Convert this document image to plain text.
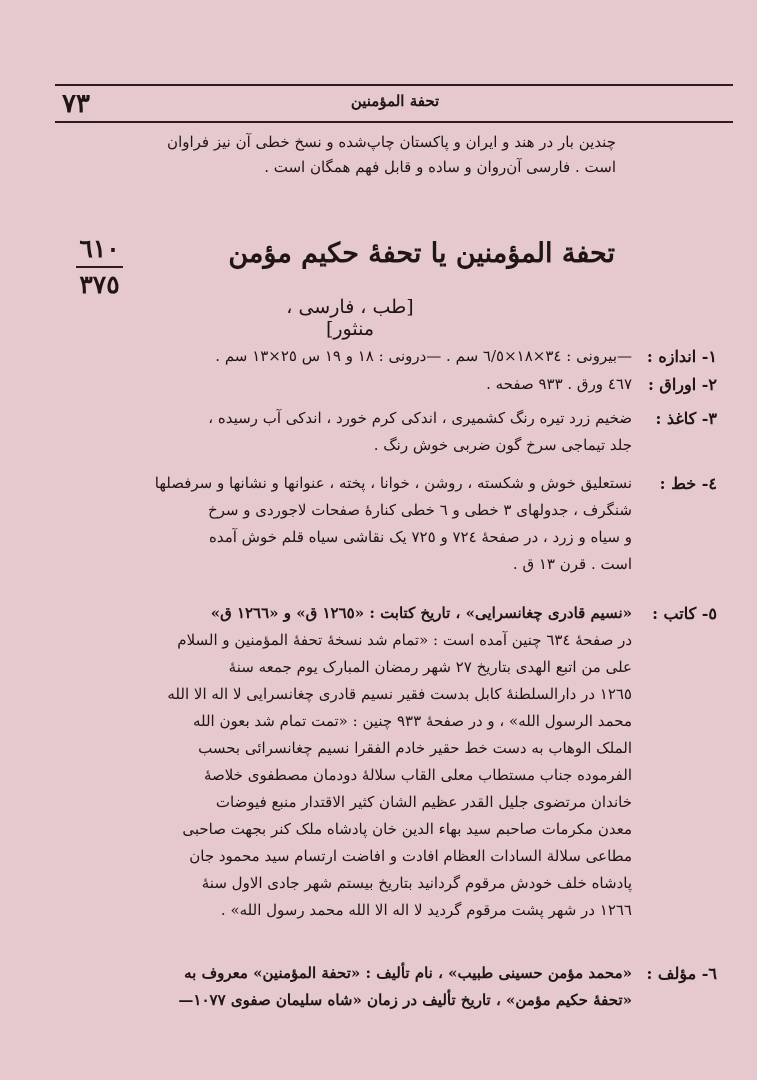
٧٣	تحفة المؤمنين

چندین بار در هند و ایران و پاکستان چاپ‌شده و نسخ خطی آن نیز فراوان

است . فارسی آن‌روان و ساده و قابل فهم همگان است .

٦١٠
٣٧٥
تحفة المؤمنين يا تحفهٔ حكيم مؤمن
[طب ، فارسی ، منثور]
١- اندازه :

—بیرونی : ٣٤×١٨×٦/٥ سم . —درونی : ١٨ و ١٩ س ٢٥×١٣ سم .

٢- اوراق :

٤٦٧ ورق . ٩٣٣ صفحه .

٣- كاغذ :

ضخیم زرد تیره رنگ کشمیری ، اندکی کرم خورد ، اندکی آب رسیده ،

جلد تیماجی سرخ گون ضربی خوش رنگ .

٤- خط :

نستعلیق خوش و شکسته ، روشن ، خوانا ، پخته ، عنوانها و نشانها و سرفصلها

شنگرف ، جدولهای ٣ خطی و ٦ خطی کنارهٔ صفحات لاجوردی و سرخ

و سیاه و زرد ، در صفحهٔ ٧٢٤ و ٧٢٥ یک نقاشی سیاه قلم خوش آمده

است . قرن ١٣ ق .

٥- كاتب :

«نسیم قادری چغانسرایی» ، تاریخ کتابت : «١٢٦٥ ق» و «١٢٦٦ ق»

در صفحهٔ ٦٣٤ چنین آمده است : «تمام شد نسخهٔ تحفهٔ المؤمنین و السلام

علی من اتبع الهدی بتاریخ ٢٧ شهر رمضان المبارک یوم جمعه سنهٔ

١٢٦٥ در دارالسلطنهٔ کابل بدست فقیر نسیم قادری چغانسرایی لا اله الا الله

محمد الرسول الله» ، و در صفحهٔ ٩٣٣ چنین : «تمت تمام شد بعون الله

الملک الوهاب به دست خط حقیر خادم الفقرا نسیم چغانسرائی بحسب

الفرموده جناب مستطاب معلی القاب سلالهٔ دودمان مصطفوی خلاصهٔ

خاندان مرتضوی جلیل القدر عظیم الشان کثیر الاقتدار منبع فیوضات

معدن مکرمات صاحبم سید بهاء الدین خان پادشاه ملک کنر بجهت صاحبی

مطاعی سلالة السادات العظام افادت و افاضت ارتسام سید محمود جان

پادشاه خلف خودش مرقوم گردانید بتاریخ بیستم شهر جادی الاول سنهٔ

١٢٦٦ در شهر پشت مرقوم گردید لا اله الا الله محمد رسول الله» .

٦- مؤلف :

«محمد مؤمن حسینی طبیب» ، نام تألیف : «تحفة المؤمنین» معروف به

«تحفهٔ حکیم مؤمن» ، تاریخ تألیف در زمان «شاه سلیمان صفوی ١٠٧٧—
